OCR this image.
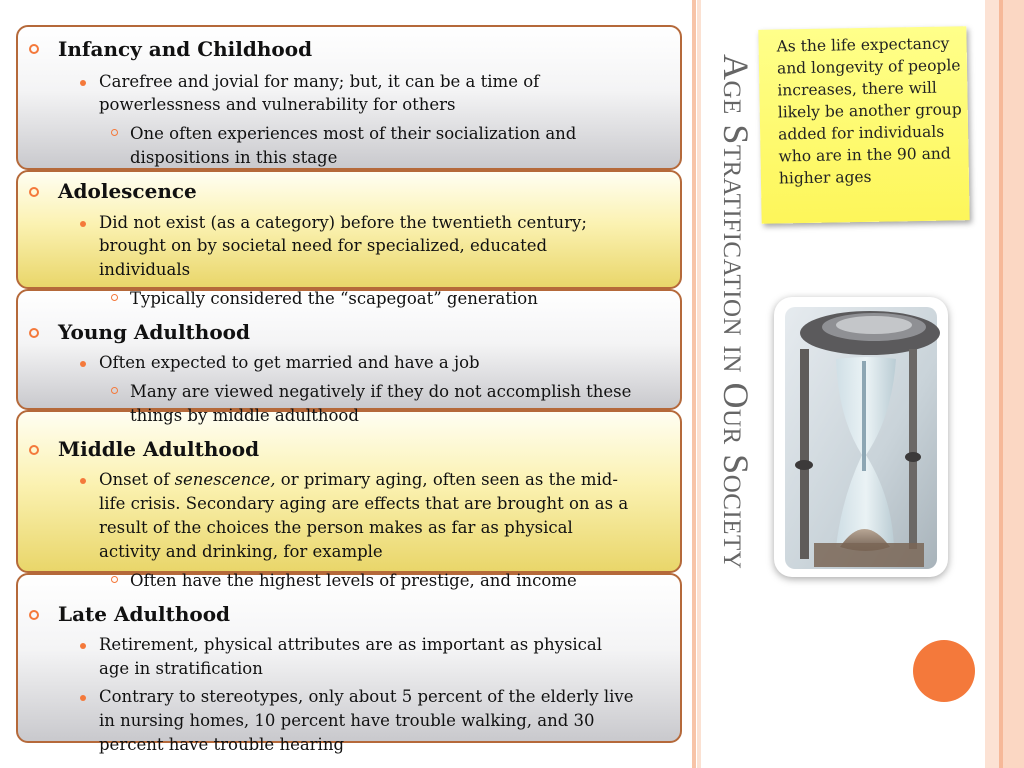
Infancy and Childhood
Carefree and jovial for many; but, it can be a time of
powerlessness and vulnerability for others
One often experiences most of their socialization and
dispositions in this stage
Adolescence
Did not exist (as a category) before the twentieth century;
brought on by societal need for specialized, educated
individuals
Typically considered the “scapegoat” generation
Young Adulthood
Often expected to get married and have a job
Many are viewed negatively if they do not accomplish these
things by middle adulthood
Middle Adulthood
Onset of senescence, or primary aging, often seen as the mid-
life crisis. Secondary aging are effects that are brought on as a
result of the choices the person makes as far as physical
activity and drinking, for example
Often have the highest levels of prestige, and income
Late Adulthood
Retirement, physical attributes are as important as physical
age in stratification
Contrary to stereotypes, only about 5 percent of the elderly live
in nursing homes, 10 percent have trouble walking, and 30
percent have trouble hearing
Age Stratification in Our Society
As the life expectancy and longevity of people increases, there will likely be another group added for individuals who are in the 90 and higher ages
